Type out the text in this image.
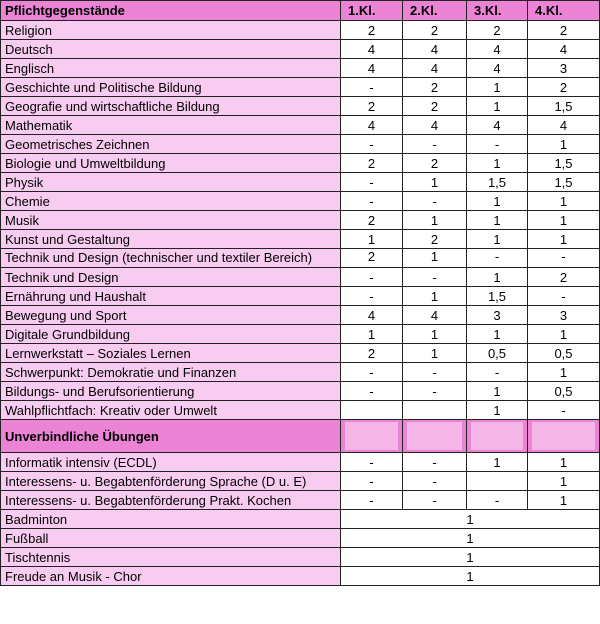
Pflichtgegenstände	1.Kl.	2.Kl.	3.Kl.	4.Kl.
Religion	2	2	2	2
Deutsch	4	4	4	4
Englisch	4	4	4	3
Geschichte und Politische Bildung	-	2	1	2
Geografie und wirtschaftliche Bildung	2	2	1	1,5
Mathematik	4	4	4	4
Geometrisches Zeichnen	-	-	-	1
Biologie und Umweltbildung	2	2	1	1,5
Physik	-	1	1,5	1,5
Chemie	-	-	1	1
Musik	2	1	1	1
Kunst und Gestaltung	1	2	1	1
Technik und Design (technischer und textiler Bereich)	2	1	-	-
Technik und Design	-	-	1	2
Ernährung und Haushalt	-	1	1,5	-
Bewegung und Sport	4	4	3	3
Digitale Grundbildung	1	1	1	1
Lernwerkstatt – Soziales Lernen	2	1	0,5	0,5
Schwerpunkt: Demokratie und Finanzen	-	-	-	1
Bildungs- und Berufsorientierung	-	-	1	0,5
Wahlpflichtfach: Kreativ oder Umwelt			1	-
Unverbindliche Übungen	

Informatik intensiv (ECDL)	-	-	1	1
Interessens- u. Begabtenförderung Sprache (D u. E)	-	-		1
Interessens- u. Begabtenförderung Prakt. Kochen	-	-	-	1
Badminton	1			
Fußball	1			
Tischtennis	1			
Freude an Musik - Chor	1			
